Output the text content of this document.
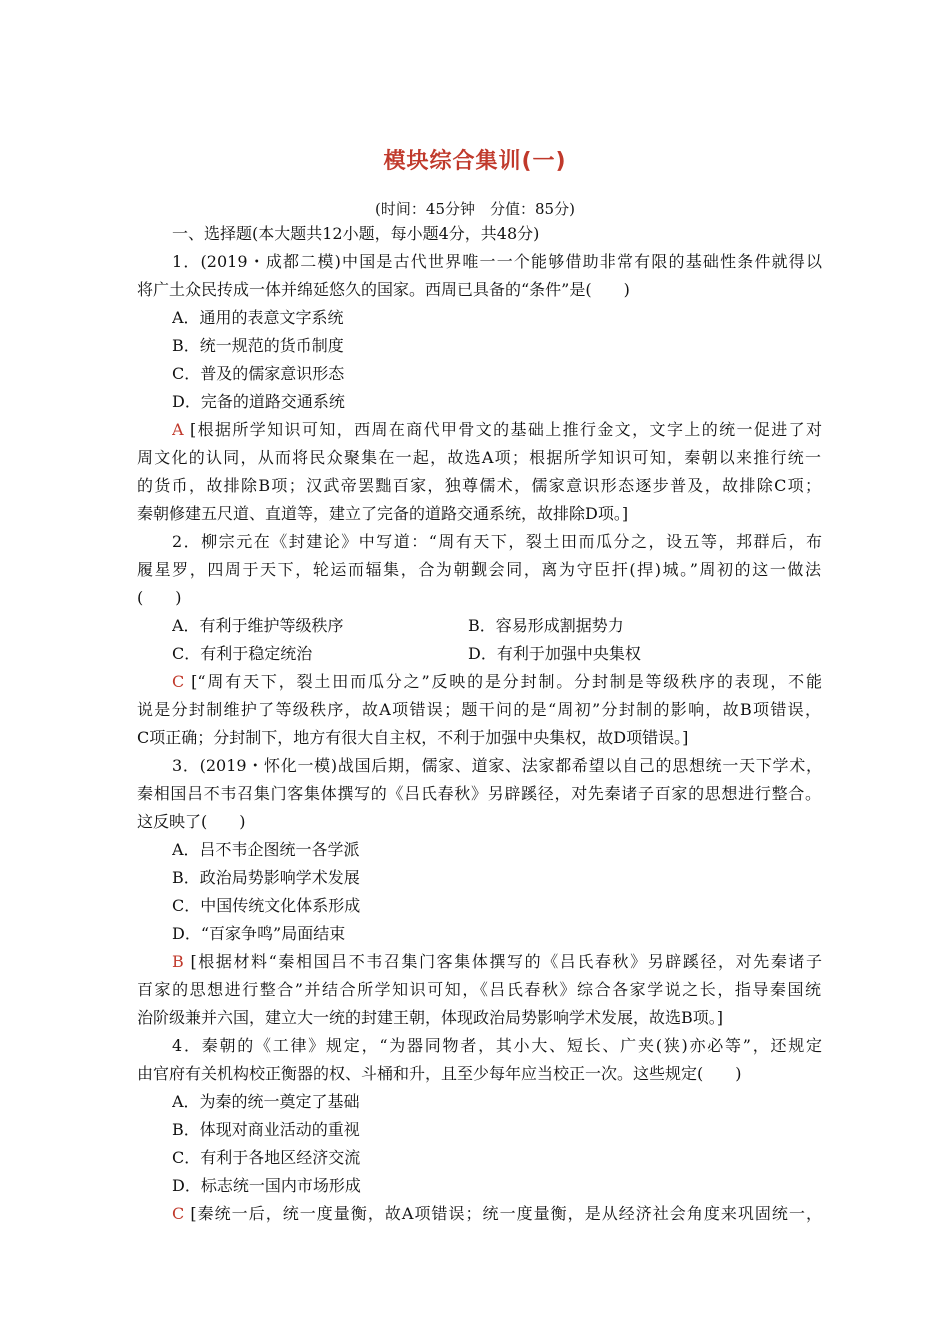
模块综合集训(一)
(时间：45分钟　分值：85分)
一、选择题(本大题共12小题，每小题4分，共48分)
1．(2019・成都二模)中国是古代世界唯一一个能够借助非常有限的基础性条件就得以
将广土众民抟成一体并绵延悠久的国家。西周已具备的“条件”是(　　)
A．通用的表意文字系统
B．统一规范的货币制度
C．普及的儒家意识形态
D．完备的道路交通系统
A [根据所学知识可知，西周在商代甲骨文的基础上推行金文，文字上的统一促进了对
周文化的认同，从而将民众聚集在一起，故选A项；根据所学知识可知，秦朝以来推行统一
的货币，故排除B项；汉武帝罢黜百家，独尊儒术，儒家意识形态逐步普及，故排除C项；
秦朝修建五尺道、直道等，建立了完备的道路交通系统，故排除D项。]
2．柳宗元在《封建论》中写道：“周有天下，裂土田而瓜分之，设五等，邦群后，布
履星罗，四周于天下，轮运而辐集，合为朝觐会同，离为守臣扞(捍)城。”周初的这一做法
(　　)
A．有利于维护等级秩序	B．容易形成割据势力
C．有利于稳定统治	D．有利于加强中央集权
C [“周有天下，裂土田而瓜分之”反映的是分封制。分封制是等级秩序的表现，不能
说是分封制维护了等级秩序，故A项错误；题干问的是“周初”分封制的影响，故B项错误，
C项正确；分封制下，地方有很大自主权，不利于加强中央集权，故D项错误。]
3．(2019・怀化一模)战国后期，儒家、道家、法家都希望以自己的思想统一天下学术，
秦相国吕不韦召集门客集体撰写的《吕氏春秋》另辟蹊径，对先秦诸子百家的思想进行整合。
这反映了(　　)
A．吕不韦企图统一各学派
B．政治局势影响学术发展
C．中国传统文化体系形成
D．“百家争鸣”局面结束
B [根据材料“秦相国吕不韦召集门客集体撰写的《吕氏春秋》另辟蹊径，对先秦诸子
百家的思想进行整合”并结合所学知识可知，《吕氏春秋》综合各家学说之长，指导秦国统
治阶级兼并六国，建立大一统的封建王朝，体现政治局势影响学术发展，故选B项。]
4．秦朝的《工律》规定，“为器同物者，其小大、短长、广夹(狭)亦必等”，还规定
由官府有关机构校正衡器的权、斗桶和升，且至少每年应当校正一次。这些规定(　　)
A．为秦的统一奠定了基础
B．体现对商业活动的重视
C．有利于各地区经济交流
D．标志统一国内市场形成
C [秦统一后，统一度量衡，故A项错误；统一度量衡，是从经济社会角度来巩固统一，
